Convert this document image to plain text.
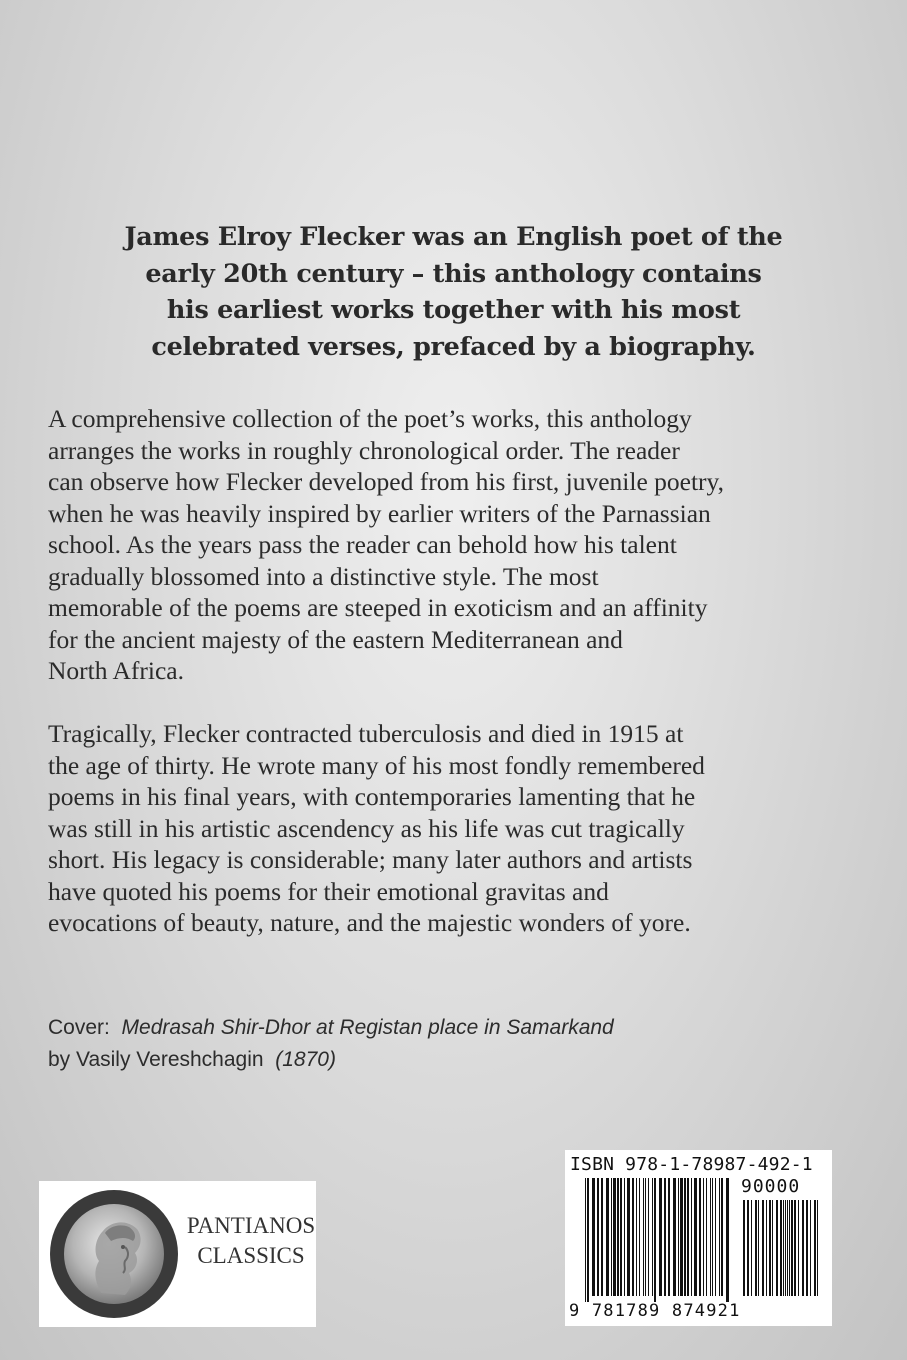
James Elroy Flecker was an English poet of the
early 20th century – this anthology contains
his earliest works together with his most
celebrated verses, prefaced by a biography.
A comprehensive collection of the poet’s works, this anthology
arranges the works in roughly chronological order. The reader
can observe how Flecker developed from his first, juvenile poetry,
when he was heavily inspired by earlier writers of the Parnassian
school. As the years pass the reader can behold how his talent
gradually blossomed into a distinctive style. The most
memorable of the poems are steeped in exoticism and an affinity
for the ancient majesty of the eastern Mediterranean and
North Africa.
Tragically, Flecker contracted tuberculosis and died in 1915 at
the age of thirty. He wrote many of his most fondly remembered
poems in his final years, with contemporaries lamenting that he
was still in his artistic ascendency as his life was cut tragically
short. His legacy is considerable; many later authors and artists
have quoted his poems for their emotional gravitas and
evocations of beauty, nature, and the majestic wonders of yore.
Cover: Medrasah Shir-Dhor at Registan place in Samarkand
by Vasily Vereshchagin (1870)
PANTIANOS
CLASSICS
ISBN 978-1-78987-492-1
90000
9 781789 874921
